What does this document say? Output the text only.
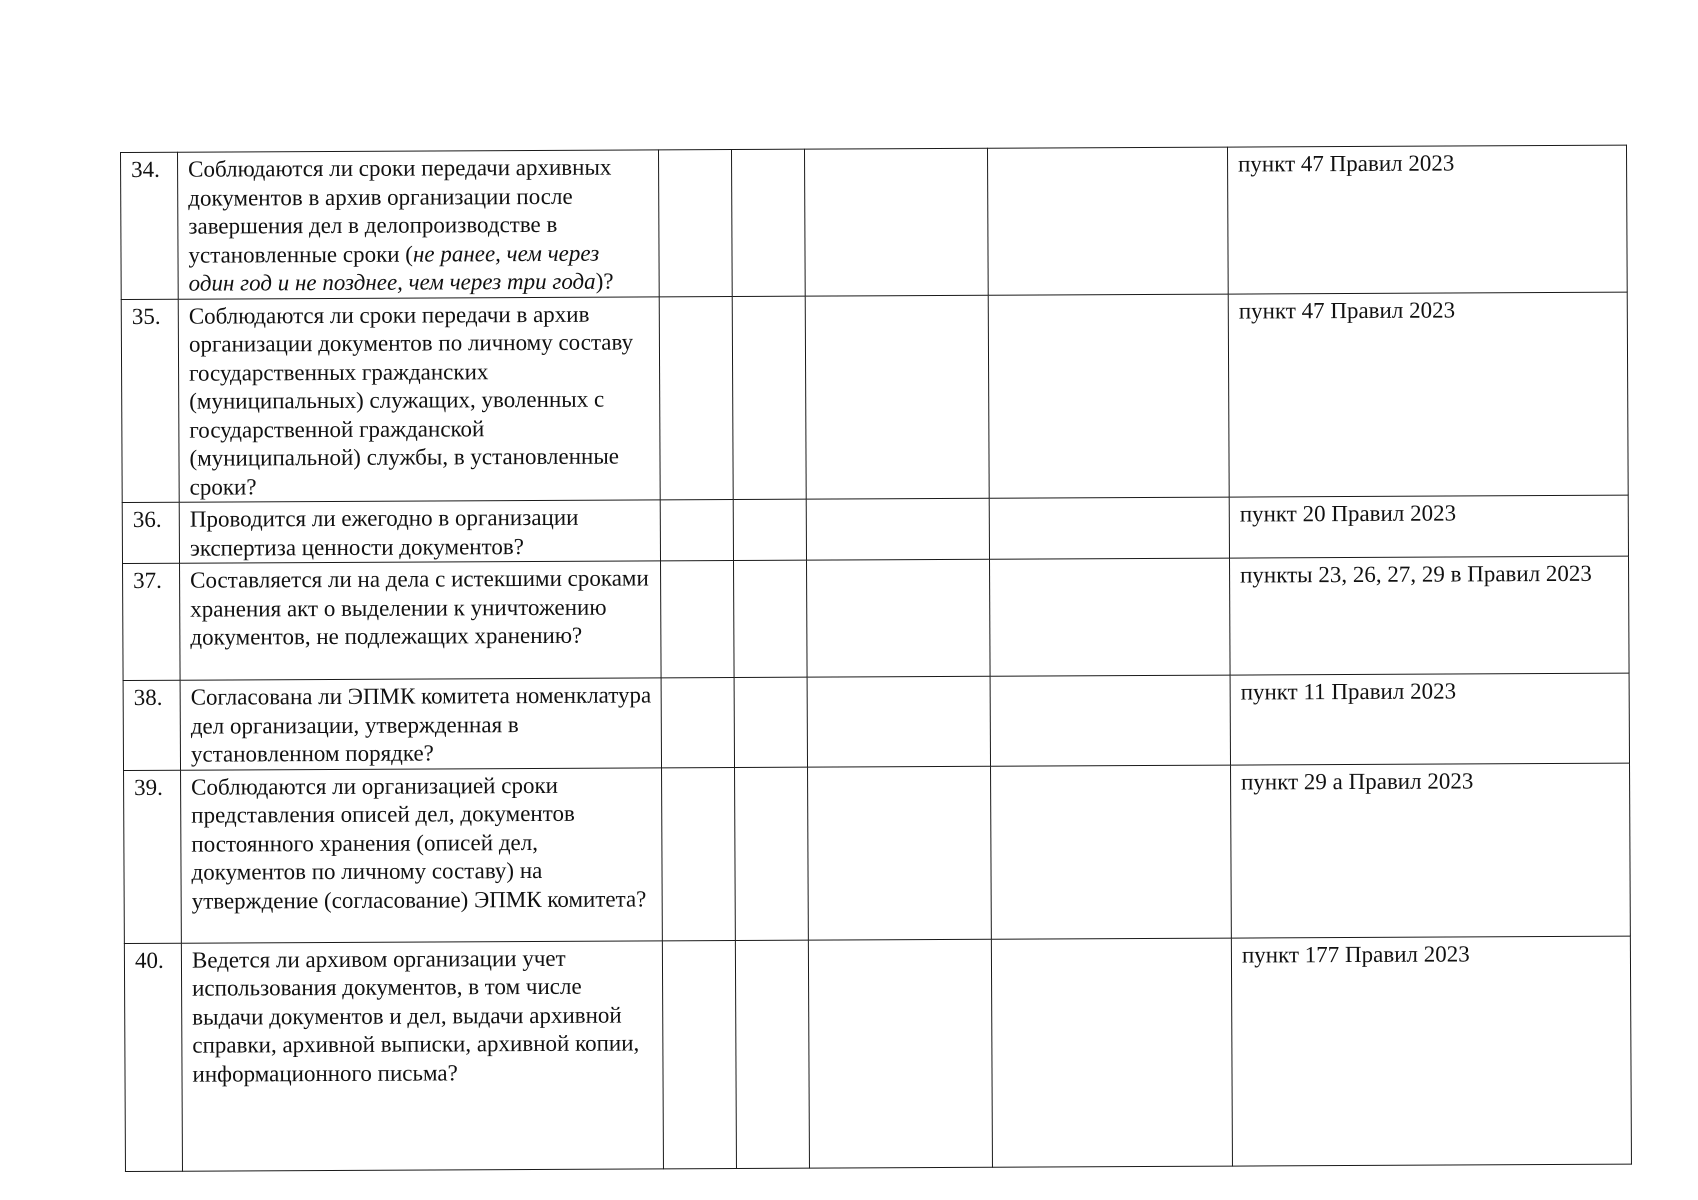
34.	Соблюдаются ли сроки передачи архивных документов в архив организации после завершения дел в делопроизводстве в установленные сроки (не ранее, чем через один год и не позднее, чем через три года)?					пункт 47 Правил 2023
35.	Соблюдаются ли сроки передачи в архив организации документов по личному составу государственных гражданских (муниципальных) служащих, уволенных с государственной гражданской (муниципальной) службы, в установленные сроки?					пункт 47 Правил 2023
36.	Проводится ли ежегодно в организации экспертиза ценности документов?					пункт 20 Правил 2023
37.	Составляется ли на дела с истекшими сроками хранения акт о выделении к уничтожению документов, не подлежащих хранению?					пункты 23, 26, 27, 29 в Правил 2023
38.	Согласована ли ЭПМК комитета номенклатура дел организации, утвержденная в установленном порядке?					пункт 11 Правил 2023
39.	Соблюдаются ли организацией сроки представления описей дел, документов постоянного хранения (описей дел, документов по личному составу) на утверждение (согласование) ЭПМК комитета?					пункт 29 а Правил 2023
40.	Ведется ли архивом организации учет использования документов, в том числе выдачи документов и дел, выдачи архивной справки, архивной выписки, архивной копии, информационного письма?					пункт 177 Правил 2023
